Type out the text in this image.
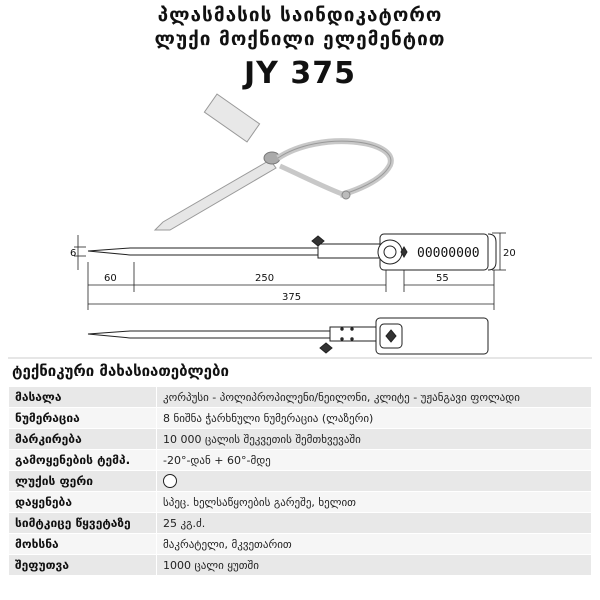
პლასმასის საინდიკატორო
ლუქი მოქნილი ელემენტით
JY 375
00000000
6	20
60	250	55
375
ტექნიკური მახასიათებლები
მასალა	კორპუსი - პოლიპროპილენი/ნეილონი, კლიტე - უჟანგავი ფოლადი
ნუმერაცია	8 ნიშნა ჭარხნული ნუმერაცია (ლაზერი)
მარკირება	10 000 ცალის შეკვეთის შემთხვევაში
გამოყენების ტემპ.	-20°-დან + 60°-მდე
ლუქის ფერი	
დაყენება	სპეც. ხელსაწყოების გარეშე, ხელით
სიმტკიცე წყვეტაზე	25 კგ.ძ.
მოხსნა	მაკრატელი, მკვეთარით
შეფუთვა	1000 ცალი ყუთში
